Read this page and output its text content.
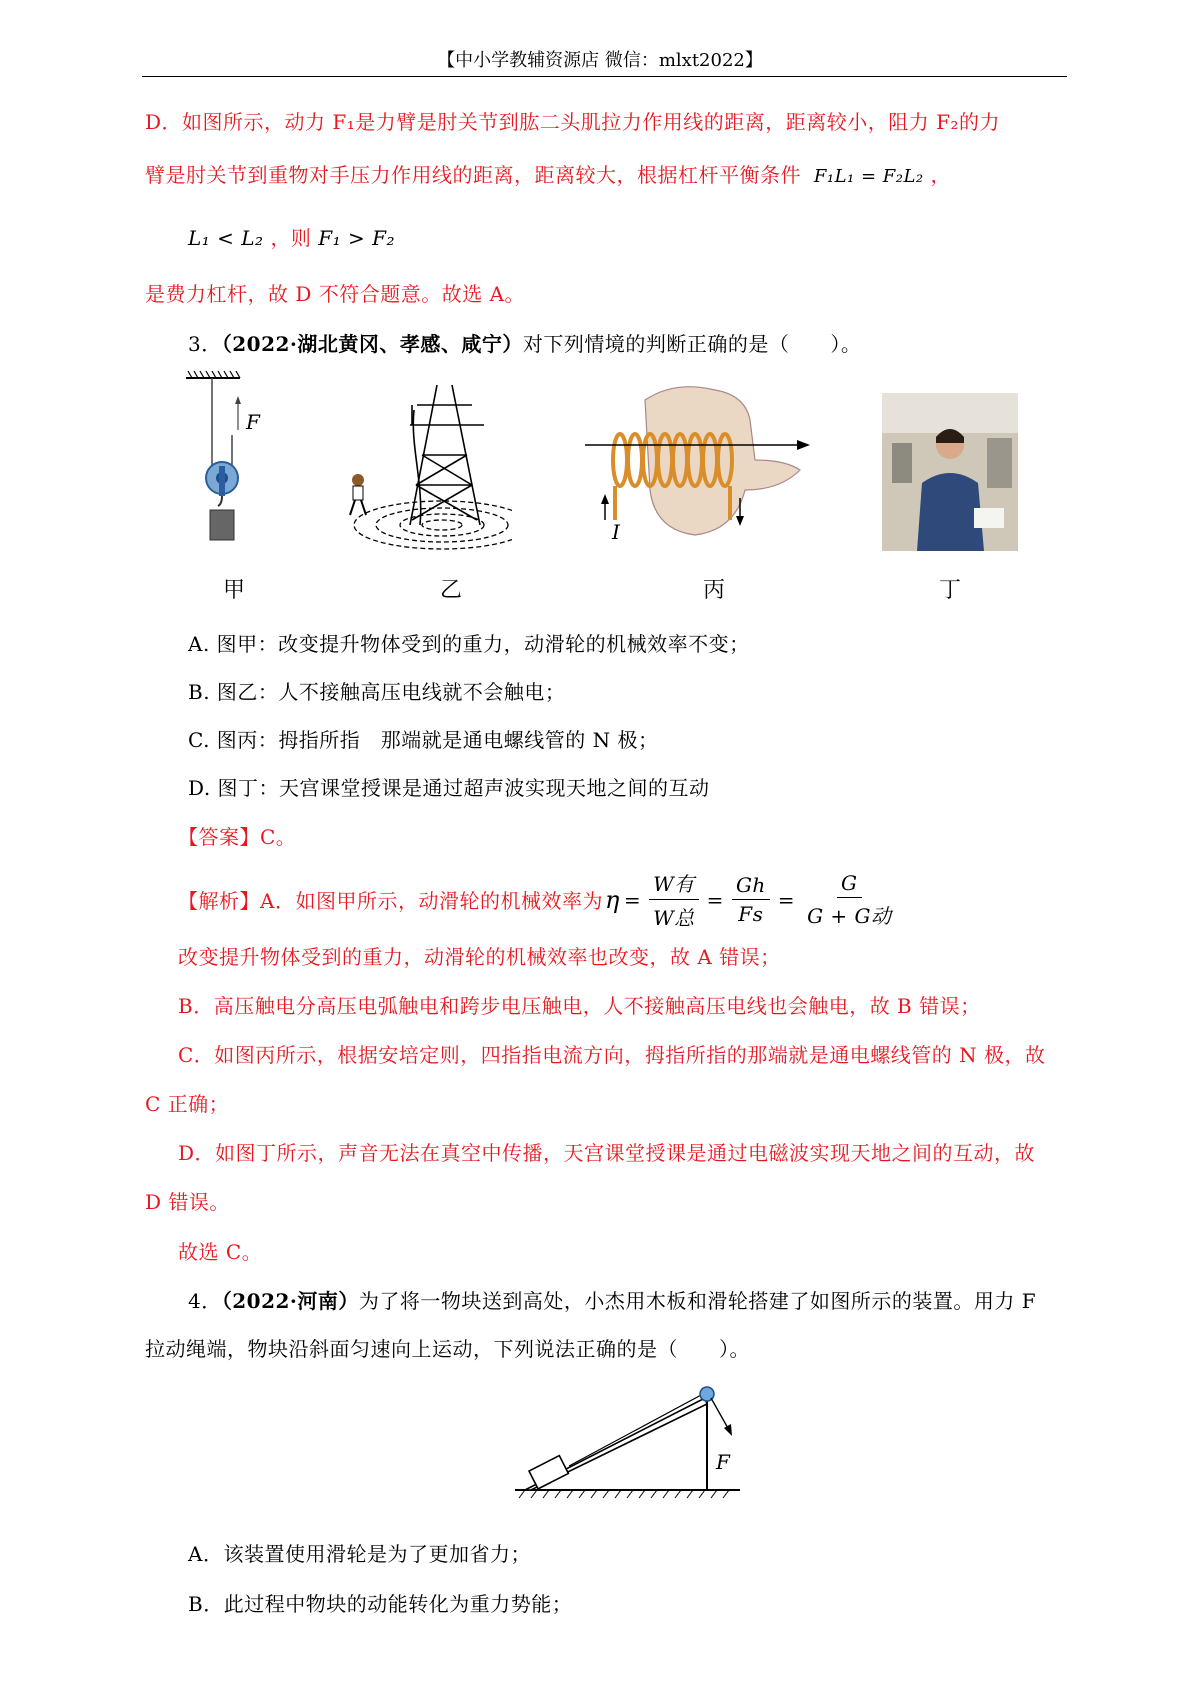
【中小学教辅资源店 微信：mlxt2022】
D．如图所示，动力 F₁是力臂是肘关节到肱二头肌拉力作用线的距离，距离较小，阻力 F₂的力
臂是肘关节到重物对手压力作用线的距离，距离较大，根据杠杆平衡条件 F₁L₁ = F₂L₂ ，
L₁ < L₂ ，则 F₁ > F₂
是费力杠杆，故 D 不符合题意。故选 A。
3．（2022·湖北黄冈、孝感、咸宁）对下列情境的判断正确的是（　　）。
F
I
甲	乙	丙	丁
A. 图甲：改变提升物体受到的重力，动滑轮的机械效率不变；
B. 图乙：人不接触高压电线就不会触电；
C. 图丙：拇指所指　那端就是通电螺线管的 N 极；
D. 图丁：天宫课堂授课是通过超声波实现天地之间的互动
【答案】C。
【解析】 A．如图甲所示，动滑轮的机械效率为 $\eta = \frac{\text{W有}}{\text{W总}} = \frac{Gh}{Fs} = \frac{G}{\text{G + G动}}$
改变提升物体受到的重力，动滑轮的机械效率也改变，故 A 错误；
B．高压触电分高压电弧触电和跨步电压触电，人不接触高压电线也会触电，故 B 错误；
C．如图丙所示，根据安培定则，四指指电流方向，拇指所指的那端就是通电螺线管的 N 极，故
C 正确；
D．如图丁所示，声音无法在真空中传播，天宫课堂授课是通过电磁波实现天地之间的互动，故
D 错误。
故选 C。
4．（2022·河南）为了将一物块送到高处，小杰用木板和滑轮搭建了如图所示的装置。用力 F
拉动绳端，物块沿斜面匀速向上运动，下列说法正确的是（　　）。
F
A．该装置使用滑轮是为了更加省力；
B．此过程中物块的动能转化为重力势能；
